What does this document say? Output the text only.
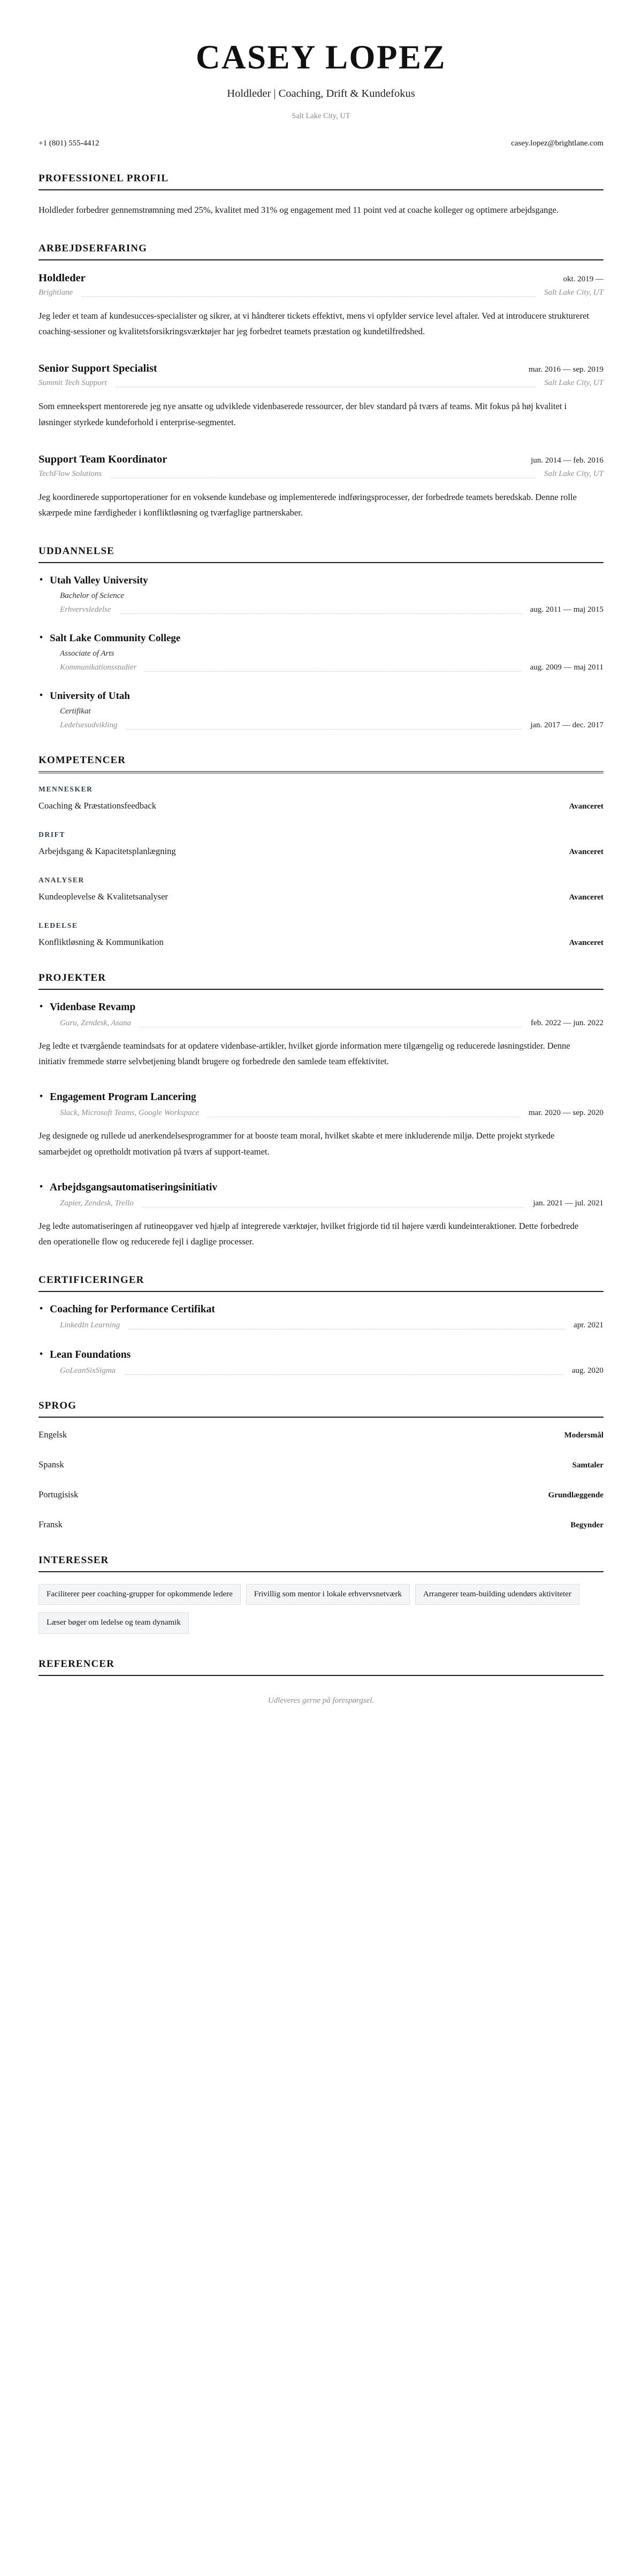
CASEY LOPEZ
Holdleder | Coaching, Drift & Kundefokus
Salt Lake City, UT
+1 (801) 555-4412	casey.lopez@brightlane.com
PROFESSIONEL PROFIL
Holdleder forbedrer gennemstrømning med 25%, kvalitet med 31% og engagement med 11 point ved at coache kolleger og optimere arbejdsgange.
ARBEJDSERFARING
Holdleder	okt. 2019 —
Brightlane	Salt Lake City, UT
Jeg leder et team af kundesucces-specialister og sikrer, at vi håndterer tickets effektivt, mens vi opfylder service level aftaler. Ved at introducere struktureret coaching-sessioner og kvalitetsforsikringsværktøjer har jeg forbedret teamets præstation og kundetilfredshed.
Senior Support Specialist	mar. 2016 — sep. 2019
Summit Tech Support	Salt Lake City, UT
Som emneekspert mentorerede jeg nye ansatte og udviklede videnbaserede ressourcer, der blev standard på tværs af teams. Mit fokus på høj kvalitet i løsninger styrkede kundeforhold i enterprise-segmentet.
Support Team Koordinator	jun. 2014 — feb. 2016
TechFlow Solutions	Salt Lake City, UT
Jeg koordinerede supportoperationer for en voksende kundebase og implementerede indføringsprocesser, der forbedrede teamets beredskab. Denne rolle skærpede mine færdigheder i konfliktløsning og tværfaglige partnerskaber.
UDDANNELSE
• Utah Valley University
Bachelor of Science
Erhvervsledelse	aug. 2011 — maj 2015
• Salt Lake Community College
Associate of Arts
Kommunikationsstudier	aug. 2009 — maj 2011
• University of Utah
Certifikat
Ledelsesudvikling	jan. 2017 — dec. 2017
KOMPETENCER
MENNESKER
Coaching & Præstationsfeedback	Avanceret
DRIFT
Arbejdsgang & Kapacitetsplanlægning	Avanceret
ANALYSER
Kundeoplevelse & Kvalitetsanalyser	Avanceret
LEDELSE
Konfliktløsning & Kommunikation	Avanceret
PROJEKTER
• Videnbase Revamp
Guru, Zendesk, Asana	feb. 2022 — jun. 2022
Jeg ledte et tværgående teamindsats for at opdatere videnbase-artikler, hvilket gjorde information mere tilgængelig og reducerede løsningstider. Denne initiativ fremmede større selvbetjening blandt brugere og forbedrede den samlede team effektivitet.
• Engagement Program Lancering
Slack, Microsoft Teams, Google Workspace	mar. 2020 — sep. 2020
Jeg designede og rullede ud anerkendelsesprogrammer for at booste team moral, hvilket skabte et mere inkluderende miljø. Dette projekt styrkede samarbejdet og opretholdt motivation på tværs af support-teamet.
• Arbejdsgangsautomatiseringsinitiativ
Zapier, Zendesk, Trello	jan. 2021 — jul. 2021
Jeg ledte automatiseringen af rutineopgaver ved hjælp af integrerede værktøjer, hvilket frigjorde tid til højere værdi kundeinteraktioner. Dette forbedrede den operationelle flow og reducerede fejl i daglige processer.
CERTIFICERINGER
• Coaching for Performance Certifikat
LinkedIn Learning	apr. 2021
• Lean Foundations
GoLeanSixSigma	aug. 2020
SPROG
Engelsk	Modersmål
Spansk	Samtaler
Portugisisk	Grundlæggende
Fransk	Begynder
INTERESSER
Faciliterer peer coaching-grupper for opkommende ledere	Frivillig som mentor i lokale erhvervsnetværk	Arrangerer team-building udendørs aktiviteter
Læser bøger om ledelse og team dynamik
REFERENCER
Udleveres gerne på forespørgsel.
